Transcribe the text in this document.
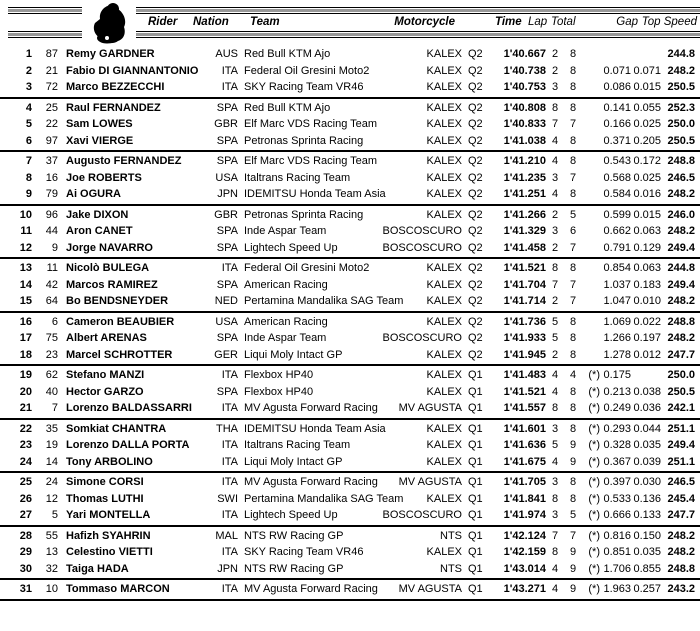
Rider Nation Team	Motorcycle	Time Lap Total	Gap Top Speed
1	87 Remy GARDNER	AUS Red Bull KTM Ajo	KALEX Q2	1'40.667 2	8	244.8
2	21 Fabio DI GIANNANTONIO	ITA Federal Oil Gresini Moto2	KALEX Q2	1'40.738 2	8	0.071 0.071 248.2
3	72 Marco BEZZECCHI	ITA SKY Racing Team VR46	KALEX Q2	1'40.753 3	8	0.086 0.015 250.5
4	25 Raul FERNANDEZ	SPA Red Bull KTM Ajo	KALEX Q2	1'40.808 8	8	0.141 0.055 252.3
5	22 Sam LOWES	GBR Elf Marc VDS Racing Team	KALEX Q2	1'40.833 7	7	0.166 0.025 250.0
6	97 Xavi VIERGE	SPA Petronas Sprinta Racing	KALEX Q2	1'41.038 4	8	0.371 0.205 250.5
7	37 Augusto FERNANDEZ	SPA Elf Marc VDS Racing Team	KALEX Q2	1'41.210 4	8	0.543 0.172 248.8
8	16 Joe ROBERTS	USA Italtrans Racing Team	KALEX Q2	1'41.235 3	7	0.568 0.025 246.5
9	79 Ai OGURA	JPN IDEMITSU Honda Team Asia	KALEX Q2	1'41.251 4	8	0.584 0.016 248.2
10	96 Jake DIXON	GBR Petronas Sprinta Racing	KALEX Q2	1'41.266 2	5	0.599 0.015 246.0
11	44 Aron CANET	SPA Inde Aspar Team	BOSCOSCURO Q2	1'41.329 3	6	0.662 0.063 248.2
12	9 Jorge NAVARRO	SPA Lightech Speed Up	BOSCOSCURO Q2	1'41.458 2	7	0.791 0.129 249.4
13	11 Nicolò BULEGA	ITA Federal Oil Gresini Moto2	KALEX Q2	1'41.521 8	8	0.854 0.063 244.8
14	42 Marcos RAMIREZ	SPA American Racing	KALEX Q2	1'41.704 7	7	1.037 0.183 249.4
15	64 Bo BENDSNEYDER	NED Pertamina Mandalika SAG Team	KALEX Q2	1'41.714 2	7	1.047 0.010 248.2
16	6 Cameron BEAUBIER	USA American Racing	KALEX Q2	1'41.736 5	8	1.069 0.022 248.8
17	75 Albert ARENAS	SPA Inde Aspar Team	BOSCOSCURO Q2	1'41.933 5	8	1.266 0.197 248.2
18	23 Marcel SCHROTTER	GER Liqui Moly Intact GP	KALEX Q2	1'41.945 2	8	1.278 0.012 247.7
19	62 Stefano MANZI	ITA Flexbox HP40	KALEX Q1	1'41.483 4	4	(*) 0.175	250.0
20	40 Hector GARZO	SPA Flexbox HP40	KALEX Q1	1'41.521 4	8	(*) 0.213 0.038 250.5
21	7 Lorenzo BALDASSARRI	ITA MV Agusta Forward Racing	MV AGUSTA Q1	1'41.557 8	8	(*) 0.249 0.036 242.1
22	35 Somkiat CHANTRA	THA IDEMITSU Honda Team Asia	KALEX Q1	1'41.601 3	8	(*) 0.293 0.044 251.1
23	19 Lorenzo DALLA PORTA	ITA Italtrans Racing Team	KALEX Q1	1'41.636 5	9	(*) 0.328 0.035 249.4
24	14 Tony ARBOLINO	ITA Liqui Moly Intact GP	KALEX Q1	1'41.675 4	9	(*) 0.367 0.039 251.1
25	24 Simone CORSI	ITA MV Agusta Forward Racing	MV AGUSTA Q1	1'41.705 3	8	(*) 0.397 0.030 246.5
26	12 Thomas LUTHI	SWI Pertamina Mandalika SAG Team	KALEX Q1	1'41.841 8	8	(*) 0.533 0.136 245.4
27	5 Yari MONTELLA	ITA Lightech Speed Up	BOSCOSCURO Q1	1'41.974 3	5	(*) 0.666 0.133 247.7
28	55 Hafizh SYAHRIN	MAL NTS RW Racing GP	NTS Q1	1'42.124 7	7	(*) 0.816 0.150 248.2
29	13 Celestino VIETTI	ITA SKY Racing Team VR46	KALEX Q1	1'42.159 8	9	(*) 0.851 0.035 248.2
30	32 Taiga HADA	JPN NTS RW Racing GP	NTS Q1	1'43.014 4	9	(*) 1.706 0.855 248.8
31	10 Tommaso MARCON	ITA MV Agusta Forward Racing	MV AGUSTA Q1	1'43.271 4	9	(*) 1.963 0.257 243.2
